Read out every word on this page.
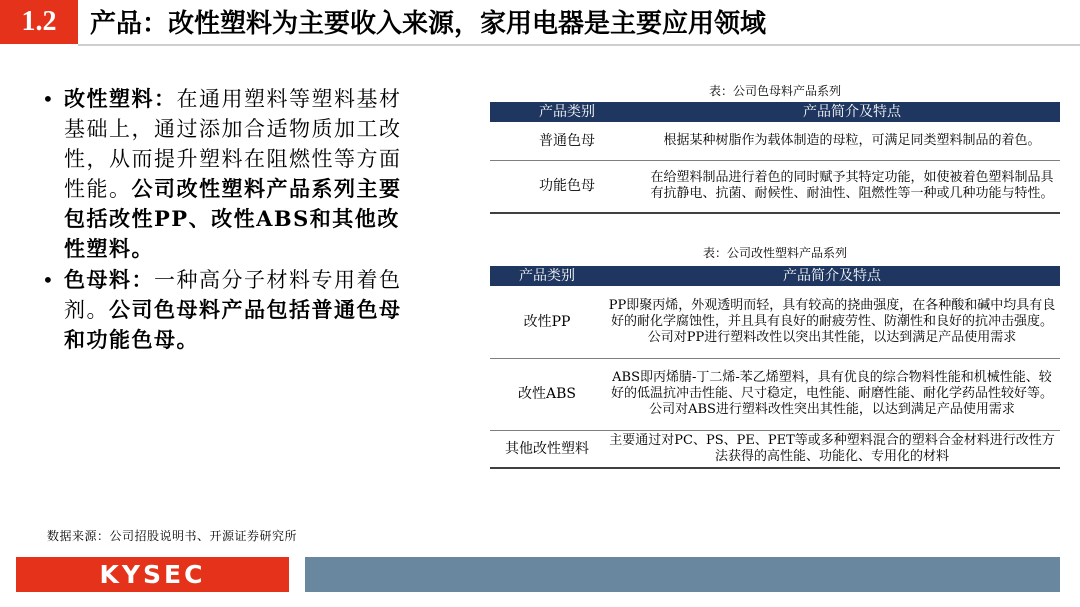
1.2	产品：改性塑料为主要收入来源，家用电器是主要应用领域
• 改性塑料：在通用塑料等塑料基材基础上，通过添加合适物质加工改性，从而提升塑料在阻燃性等方面性能。公司改性塑料产品系列主要包括改性PP、改性ABS和其他改性塑料。
• 色母料：一种高分子材料专用着色剂。公司色母料产品包括普通色母和功能色母。
表：公司色母料产品系列
产品类别	产品简介及特点
普通色母	根据某种树脂作为载体制造的母粒，可满足同类塑料制品的着色。
功能色母	在给塑料制品进行着色的同时赋予其特定功能，如使被着色塑料制品具有抗静电、抗菌、耐候性、耐油性、阻燃性等一种或几种功能与特性。
表：公司改性塑料产品系列
产品类别	产品简介及特点
改性PP	PP即聚丙烯，外观透明而轻，具有较高的挠曲强度，在各种酸和碱中均具有良好的耐化学腐蚀性，并且具有良好的耐疲劳性、防潮性和良好的抗冲击强度。公司对PP进行塑料改性以突出其性能，以达到满足产品使用需求
改性ABS	ABS即丙烯腈-丁二烯-苯乙烯塑料，具有优良的综合物料性能和机械性能、较好的低温抗冲击性能、尺寸稳定，电性能、耐磨性能、耐化学药品性较好等。公司对ABS进行塑料改性突出其性能，以达到满足产品使用需求
其他改性塑料	主要通过对PC、PS、PE、PET等或多种塑料混合的塑料合金材料进行改性方法获得的高性能、功能化、专用化的材料
数据来源：公司招股说明书、开源证券研究所
KYSEC
